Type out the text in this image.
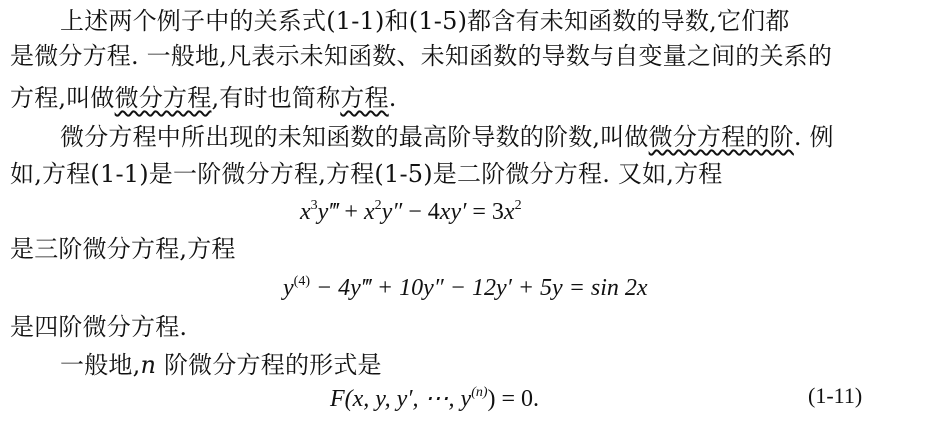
上述两个例子中的关系式(1-1)和(1-5)都含有未知函数的导数,它们都
是微分方程. 一般地,凡表示未知函数、未知函数的导数与自变量之间的关系的
方程,叫做微分方程,有时也简称方程.
微分方程中所出现的未知函数的最高阶导数的阶数,叫做微分方程的阶. 例
如,方程(1-1)是一阶微分方程,方程(1-5)是二阶微分方程. 又如,方程
$x^3y‴ + x^2y'' - 4xy' = 3x^2$
是三阶微分方程,方程
$y^{(4)}$ − 4y‴ + 10y″ − 12y′ + 5y = sin 2x
是四阶微分方程.
一般地,n 阶微分方程的形式是
F(x, y, y′, ⋯, $y^{(n)}) = 0$.	(1-11)
